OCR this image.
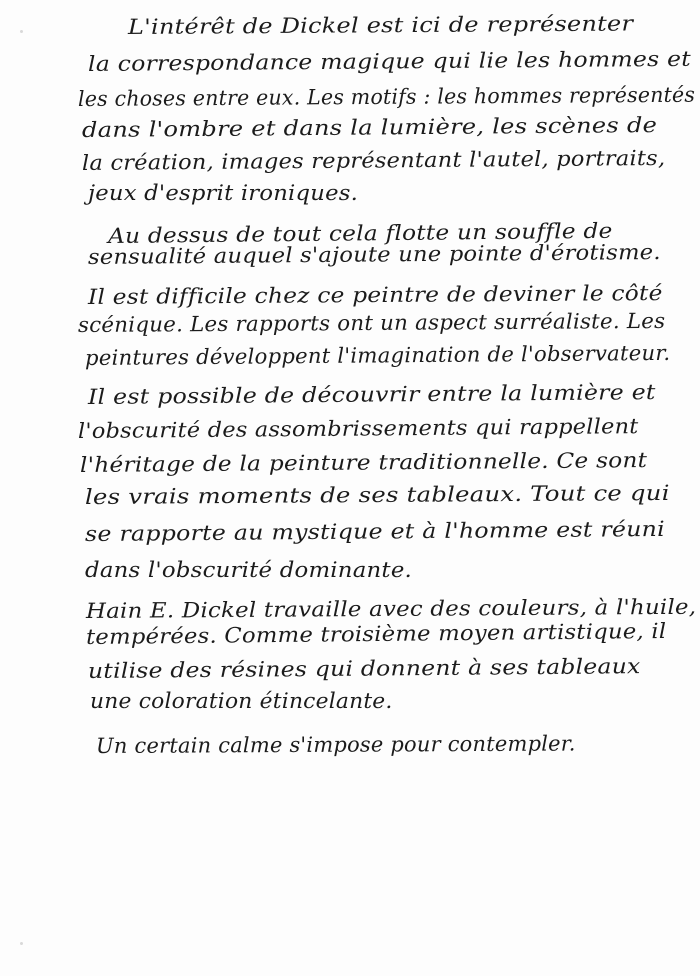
L'intérêt de Dickel est ici de représenter
la correspondance magique qui lie les hommes et
les choses entre eux. Les motifs : les hommes représentés
dans l'ombre et dans la lumière, les scènes de
la création, images représentant l'autel, portraits,
jeux d'esprit ironiques.
Au dessus de tout cela flotte un souffle de
sensualité auquel s'ajoute une pointe d'érotisme.
Il est difficile chez ce peintre de deviner le côté
scénique. Les rapports ont un aspect surréaliste. Les
peintures développent l'imagination de l'observateur.
Il est possible de découvrir entre la lumière et
l'obscurité des assombrissements qui rappellent
l'héritage de la peinture traditionnelle. Ce sont
les vrais moments de ses tableaux. Tout ce qui
se rapporte au mystique et à l'homme est réuni
dans l'obscurité dominante.
Hain E. Dickel travaille avec des couleurs, à l'huile,
tempérées. Comme troisième moyen artistique, il
utilise des résines qui donnent à ses tableaux
une coloration étincelante.
Un certain calme s'impose pour contempler.
